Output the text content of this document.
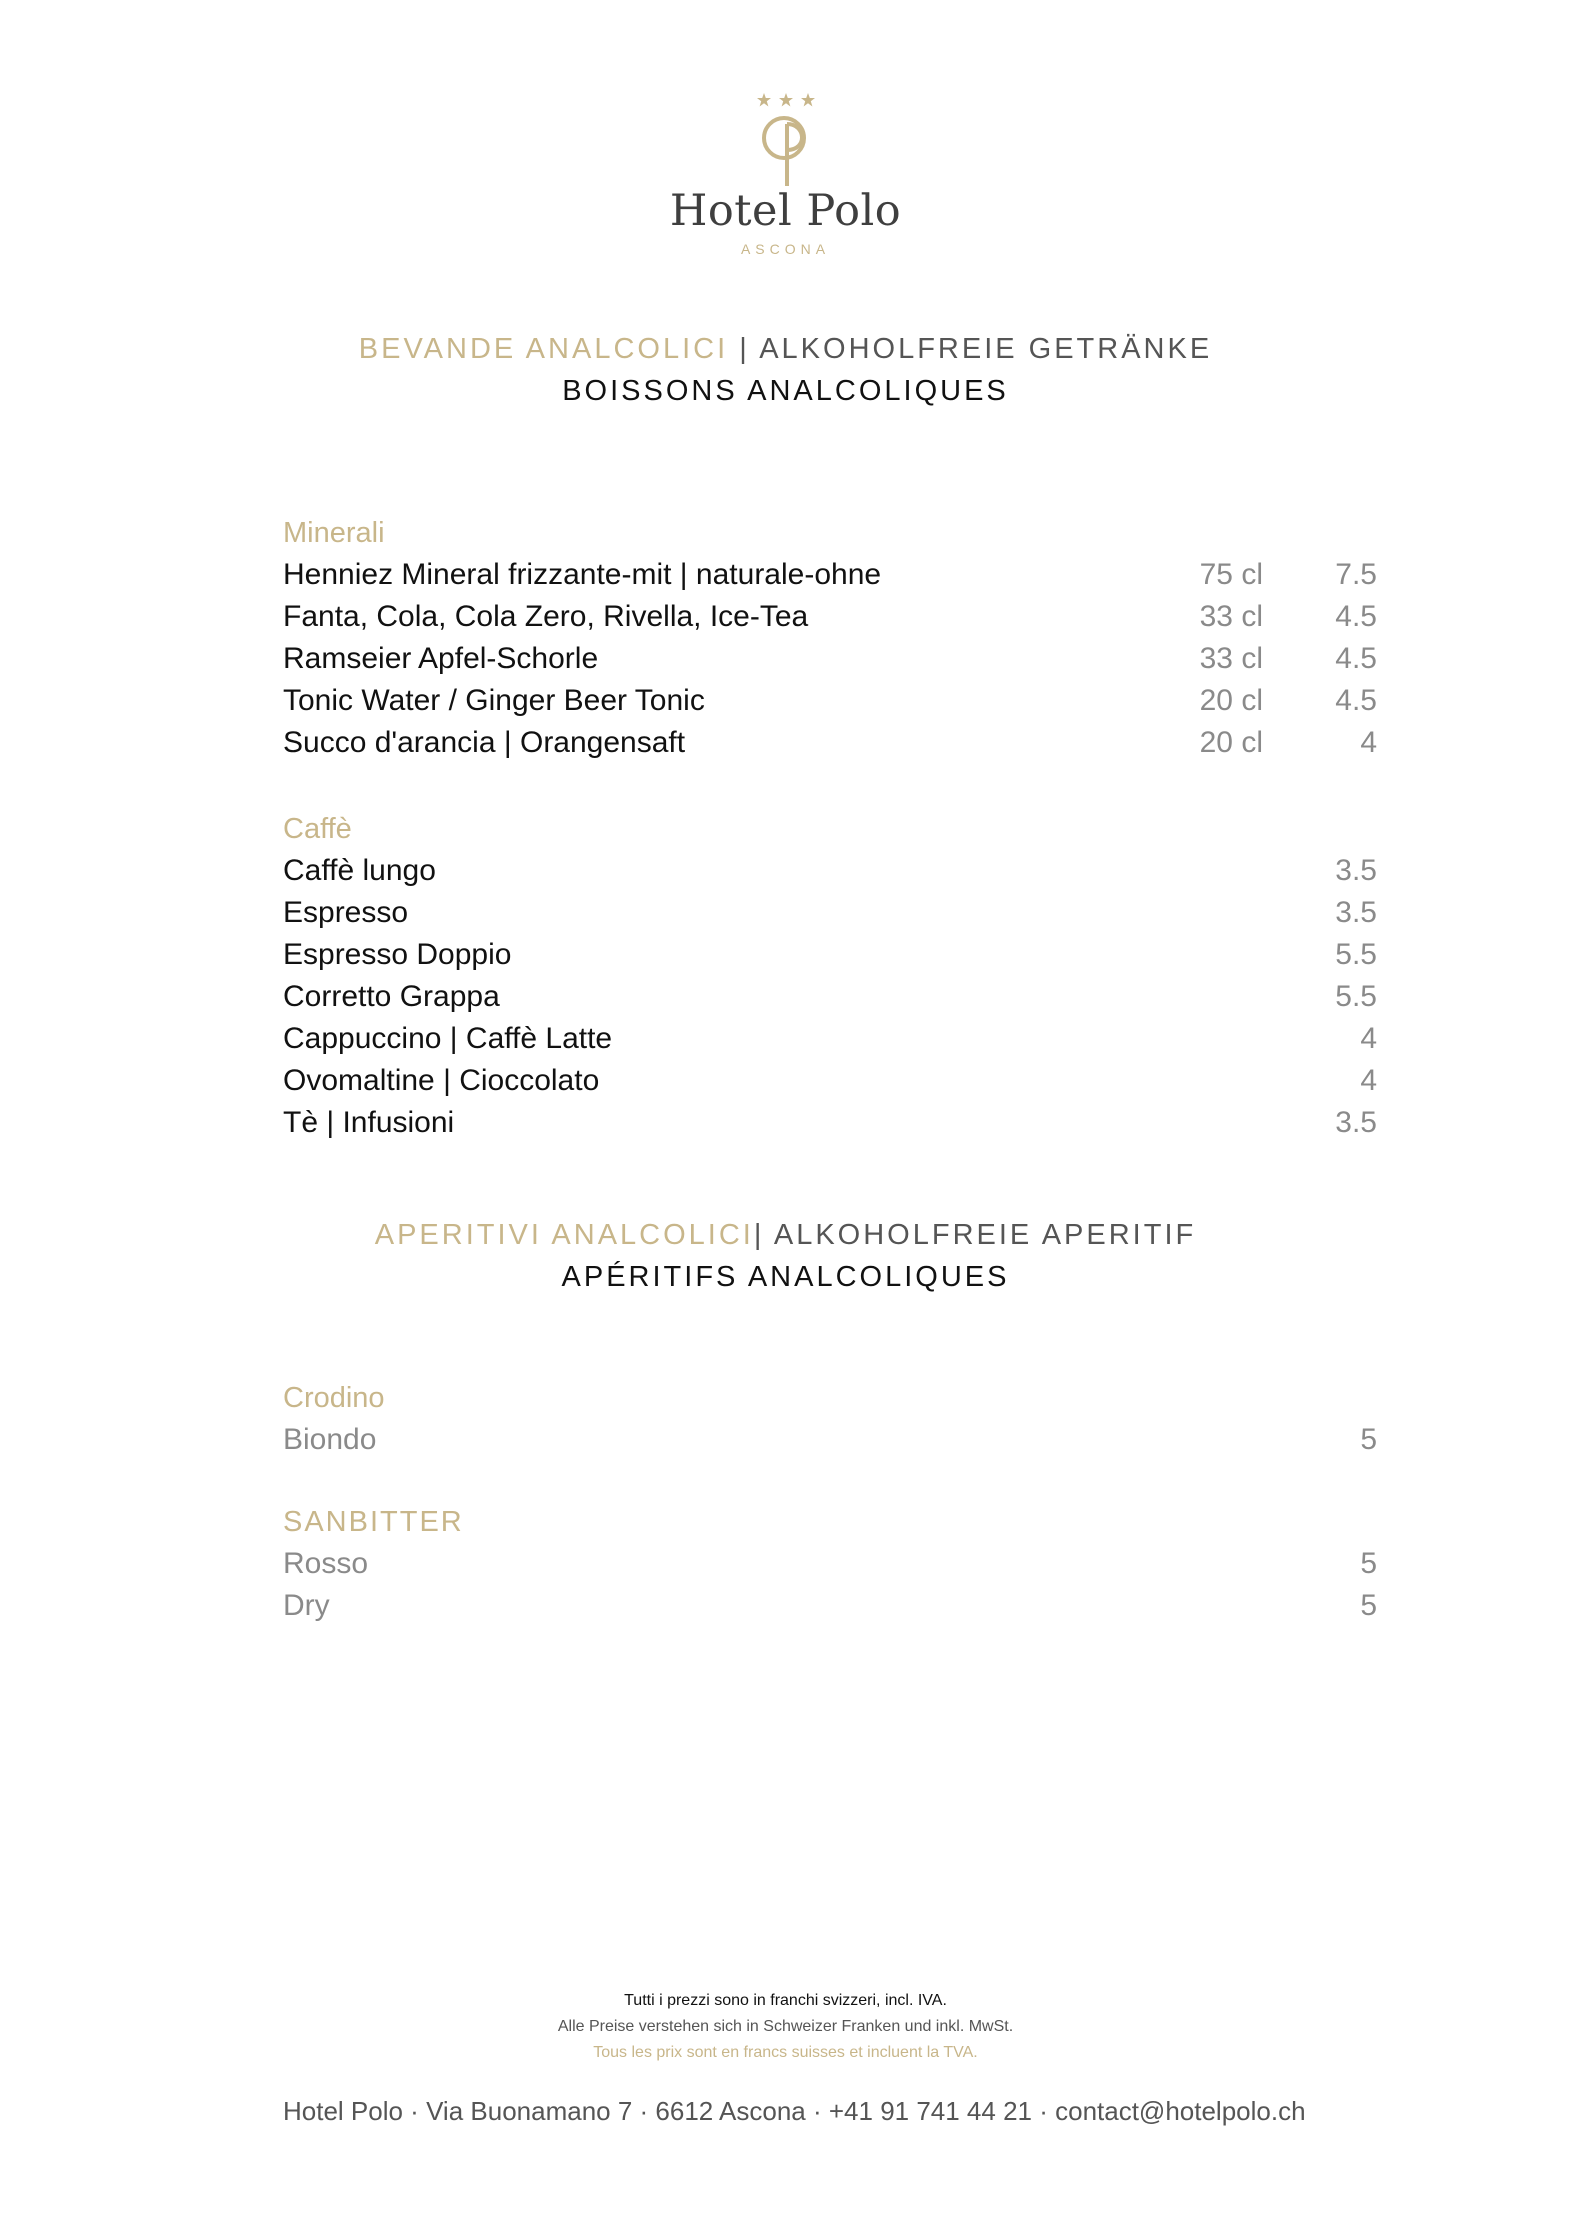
Hotel Polo
ASCONA
BEVANDE ANALCOLICI | ALKOHOLFREIE GETRÄNKE
BOISSONS ANALCOLIQUES
Minerali
Henniez Mineral frizzante-mit | naturale-ohne	75 cl 7.5
Fanta, Cola, Cola Zero, Rivella, Ice-Tea	33 cl 4.5
Ramseier Apfel-Schorle	33 cl 4.5
Tonic Water / Ginger Beer Tonic	20 cl 4.5
Succo d'arancia | Orangensaft	20 cl	4
Caffè
Caffè lungo	3.5
Espresso	3.5
Espresso Doppio	5.5
Corretto Grappa	5.5
Cappuccino | Caffè Latte	4
Ovomaltine | Cioccolato	4
Tè | Infusioni	3.5
APERITIVI ANALCOLICI| ALKOHOLFREIE APERITIF
APÉRITIFS ANALCOLIQUES
Crodino
Biondo	5
SANBITTER
Rosso	5
Dry	5
Tutti i prezzi sono in franchi svizzeri, incl. IVA.
Alle Preise verstehen sich in Schweizer Franken und inkl. MwSt.
Tous les prix sont en francs suisses et incluent la TVA.
Hotel Polo · Via Buonamano 7 · 6612 Ascona · +41 91 741 44 21 · contact@hotelpolo.ch
